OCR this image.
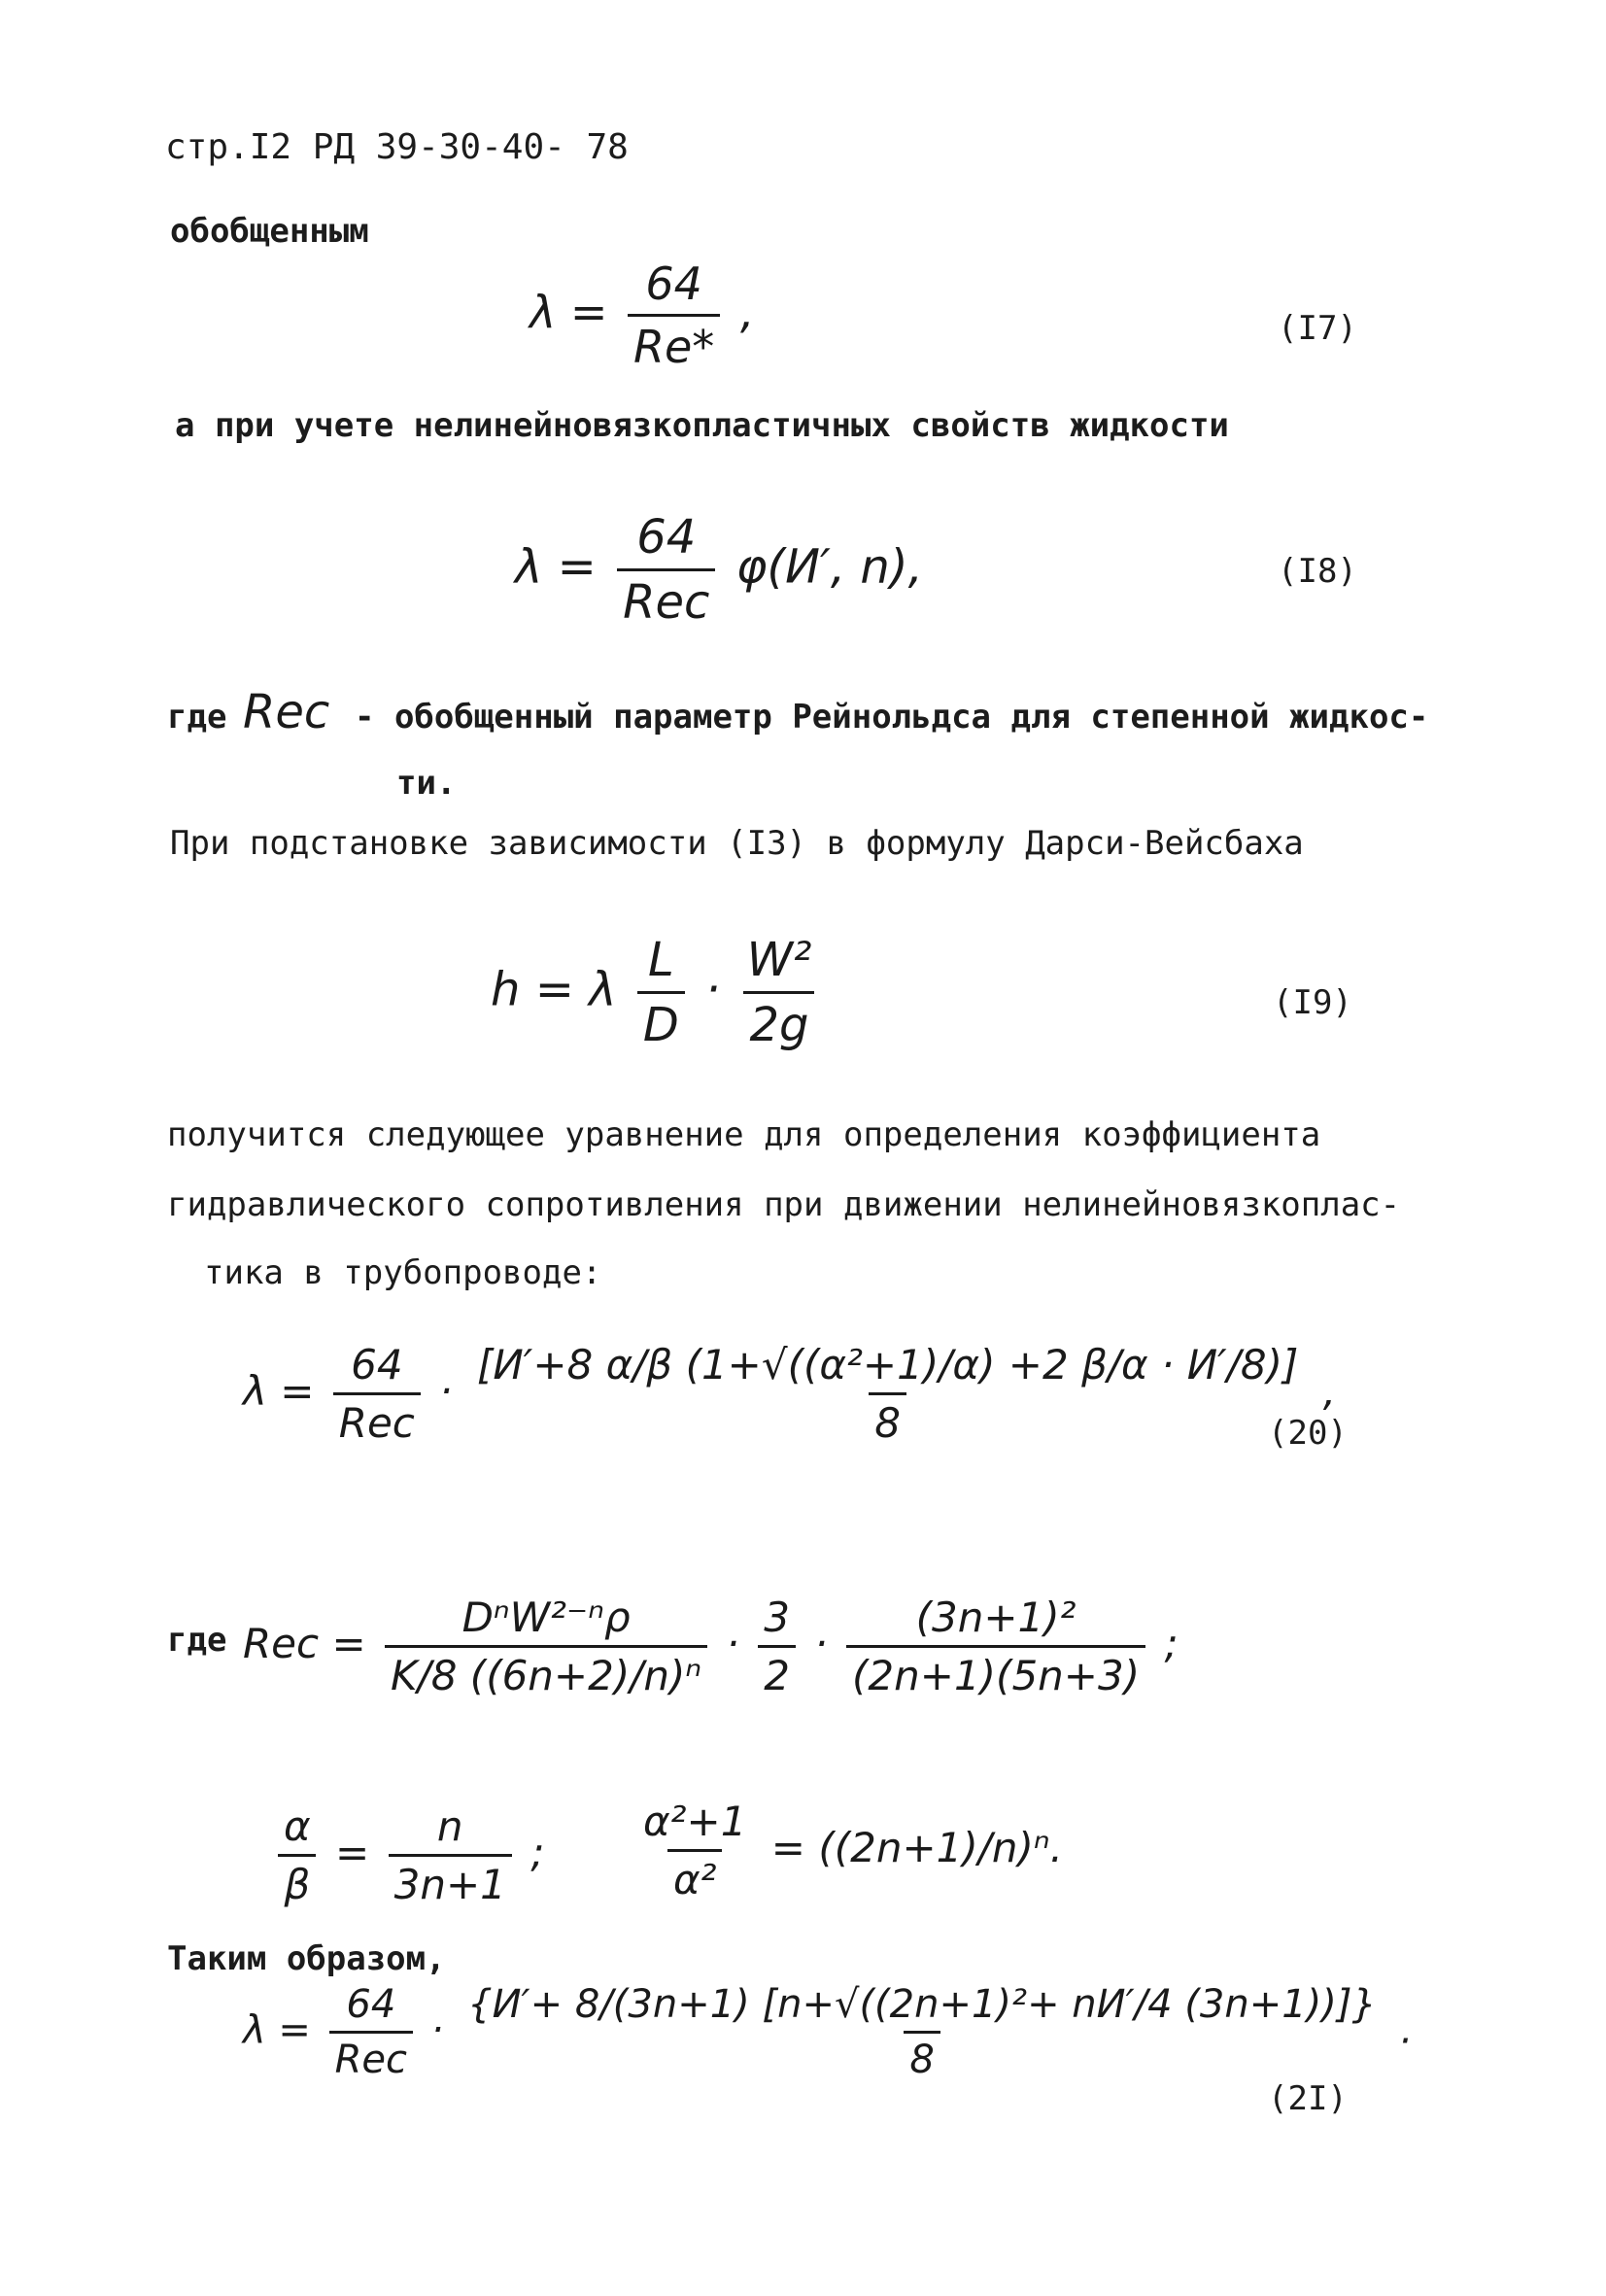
стр.I2 РД 39-30-40- 78
обобщенным
$\lambda = \frac{64}{Re*}$ ,	(I7)
а при учете нелинейновязкопластичных свойств жидкости
$\lambda = \frac{64}{\text{Rec}} \varphi(И'$, n),	(I8)
где Rec - обобщенный параметр Рейнольдса для степенной жидкос-
ти.
При подстановке зависимости (I3) в формулу Дарси-Вейсбаха
h = λ $\frac{L}{D} \cdot \frac{\text{W²}}{2g}$	(I9)
получится следующее уравнение для определения коэффициента
гидравлического сопротивления при движении нелинейновязкоплас-
тика в трубопроводе:
$\lambda = \frac{64}{\text{Rec}} \cdot \frac{\text{[И′+8 α/β (1+√((α²+1)/α) +2 β/α · И′/8)]}}{8}$ ,
(20)
где Rec = $\frac{\text{DⁿW²⁻ⁿρ}}{\text{K/8 ((6n+2)/n)ⁿ}} \cdot \frac{3}{2} \cdot \frac{\text{(3n+1)²}}{(2n+1)(5n+3)}$ ;
$\frac{\alpha}{\beta} = \frac{n}{3n+1}$ ; $\frac{\text{α²+1}}{\text{α²}} = ((2n+1)/n)^n$.
Таким образом,
$\lambda = \frac{64}{\text{Rec}} \cdot \frac{\text{\{И′+ 8/(3n+1) [n+√((2n+1)²+ nИ′/4 (3n+1))]\}}}{8}$ .
(2I)
